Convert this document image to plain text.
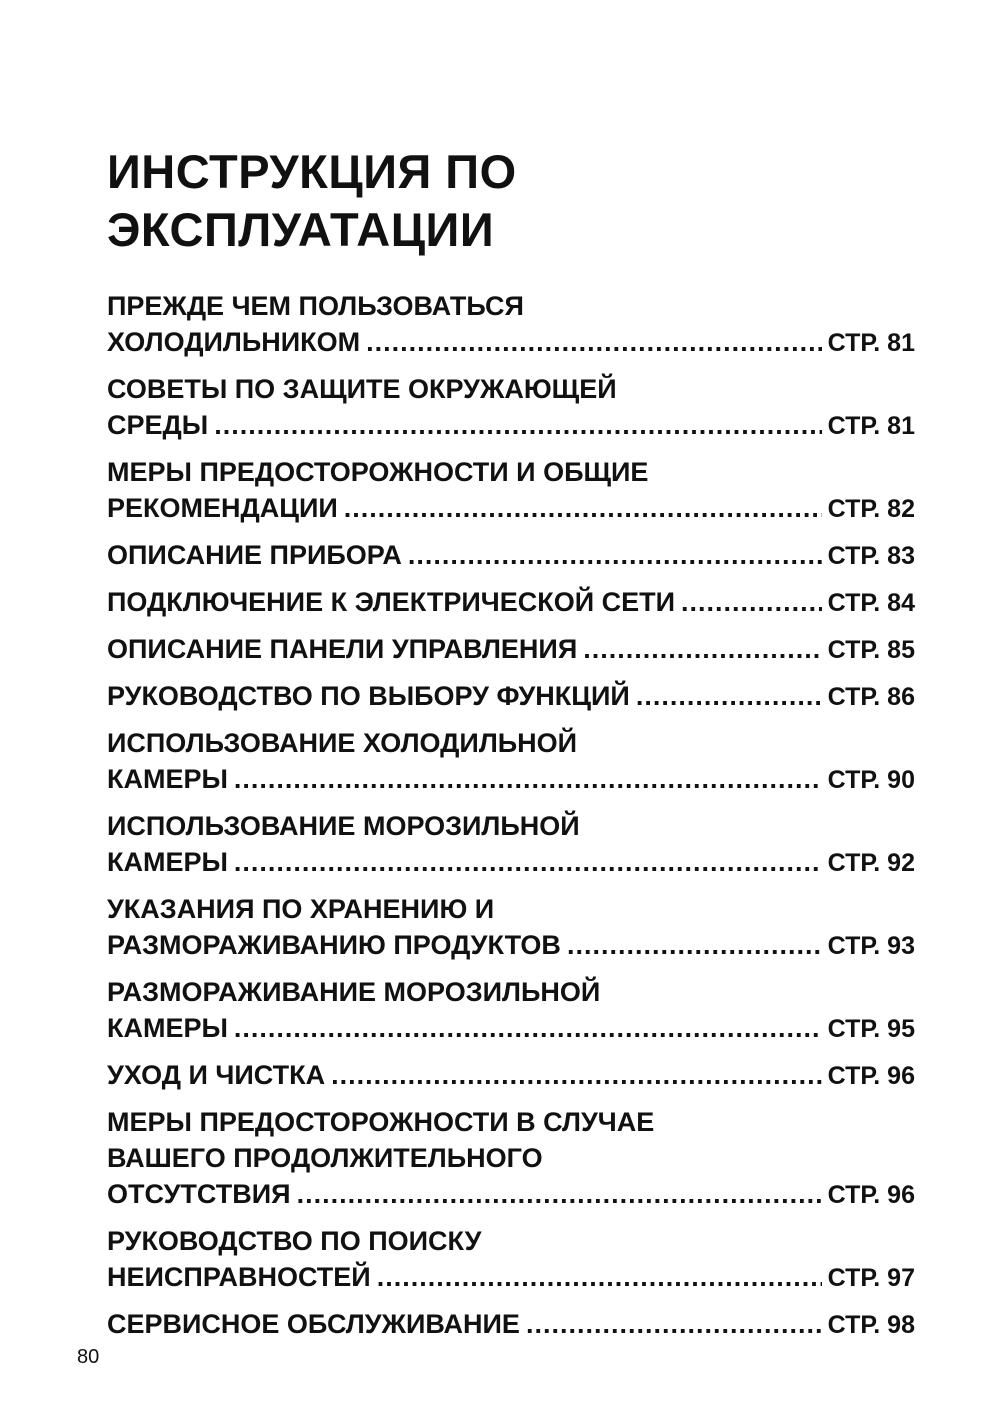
ИНСТРУКЦИЯ ПО
ЭКСПЛУАТАЦИИ
ПРЕЖДЕ ЧЕМ ПОЛЬЗОВАТЬСЯ
ХОЛОДИЛЬНИКОМ .....	СТР. 81
СОВЕТЫ ПО ЗАЩИТЕ ОКРУЖАЮЩЕЙ
СРЕДЫ .....	СТР. 81
МЕРЫ ПРЕДОСТОРОЖНОСТИ И ОБЩИЕ
РЕКОМЕНДАЦИИ .....	СТР. 82
ОПИСАНИЕ ПРИБОРА .....	СТР. 83
ПОДКЛЮЧЕНИЕ К ЭЛЕКТРИЧЕСКОЙ СЕТИ .....	СТР. 84
ОПИСАНИЕ ПАНЕЛИ УПРАВЛЕНИЯ .....	СТР. 85
РУКОВОДСТВО ПО ВЫБОРУ ФУНКЦИЙ .....	СТР. 86
ИСПОЛЬЗОВАНИЕ ХОЛОДИЛЬНОЙ
КАМЕРЫ .....	СТР. 90
ИСПОЛЬЗОВАНИЕ МОРОЗИЛЬНОЙ
КАМЕРЫ .....	СТР. 92
УКАЗАНИЯ ПО ХРАНЕНИЮ И
РАЗМОРАЖИВАНИЮ ПРОДУКТОВ .....	СТР. 93
РАЗМОРАЖИВАНИЕ МОРОЗИЛЬНОЙ
КАМЕРЫ .....	СТР. 95
УХОД И ЧИСТКА .....	СТР. 96
МЕРЫ ПРЕДОСТОРОЖНОСТИ В СЛУЧАЕ
ВАШЕГО ПРОДОЛЖИТЕЛЬНОГО
ОТСУТСТВИЯ .....	СТР. 96
РУКОВОДСТВО ПО ПОИСКУ
НЕИСПРАВНОСТЕЙ .....	СТР. 97
СЕРВИСНОЕ ОБСЛУЖИВАНИЕ .....	СТР. 98
80
